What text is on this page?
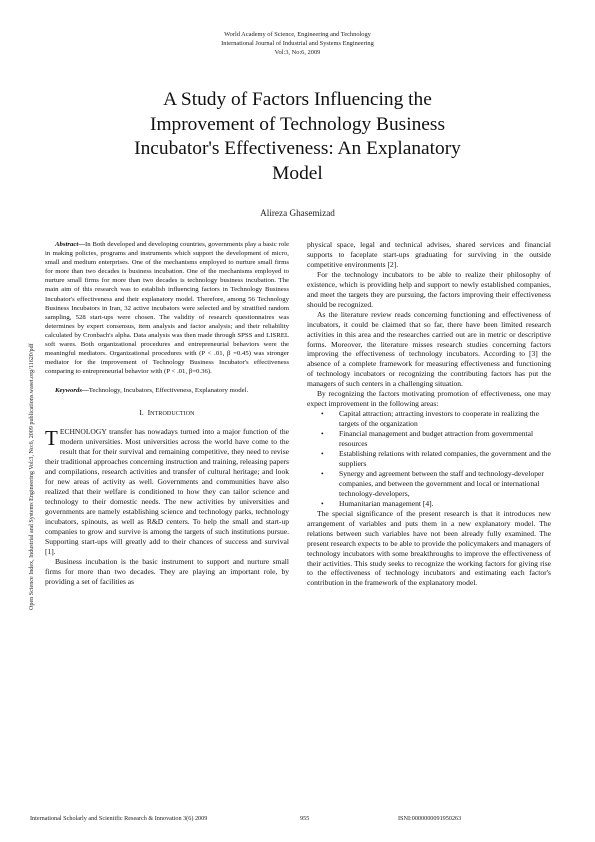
World Academy of Science, Engineering and Technology
International Journal of Industrial and Systems Engineering
Vol:3, No:6, 2009
A Study of Factors Influencing the
Improvement of Technology Business
Incubator's Effectiveness: An Explanatory
Model
Alireza Ghasemizad
Open Science Index, Industrial and Systems Engineering Vol:3, No:6, 2009 publications.waset.org/11620/pdf

Abstract—In Both developed and developing countries, governments play a basic role in making policies, programs and instruments which support the development of micro, small and medium enterprises. One of the mechanisms employed to nurture small firms for more than two decades is business incubation. One of the mechanisms employed to nurture small firms for more than two decades is technology business incubation. The main aim of this research was to establish influencing factors in Technology Business Incubator's effectiveness and their explanatory model. Therefore, among 56 Technology Business Incubators in Iran, 32 active incubators were selected and by stratified random sampling, 528 start-ups were chosen. The validity of research questionnaires was determines by expert consensus, item analysis and factor analysis; and their reliability calculated by Cronbach's alpha. Data analysis was then made through SPSS and LISREL soft wares. Both organizational procedures and entrepreneurial behaviors were the meaningful mediators. Organizational procedures with (P < .01, β =0.45) was stronger mediator for the improvement of Technology Business Incubator's effectiveness comparing to entrepreneurial behavior with (P < .01, β=0.36).

Keywords—Technology, Incubators, Effectiveness, Explanatory model.

I. INTRODUCTION

TECHNOLOGY transfer has nowadays turned into a major function of the modern universities. Most universities across the world have come to the result that for their survival and remaining competitive, they need to revise their traditional approaches concerning instruction and training, releasing papers and compilations, research activities and transfer of cultural heritage; and look for new areas of activity as well. Governments and communities have also realized that their welfare is conditioned to how they can tailor science and technology to their domestic needs. The new activities by universities and governments are namely establishing science and technology parks, technology incubators, spinouts, as well as R&D centers. To help the small and start-up companies to grow and survive is among the targets of such institutions pursue. Supporting start-ups will greatly add to their chances of success and survival [1].

Business incubation is the basic instrument to support and nurture small firms for more than two decades. They are playing an important role, by providing a set of facilities as

physical space, legal and technical advises, shared services and financial supports to faceplate start-ups graduating for surviving in the outside competitive environments [2].

For the technology incubators to be able to realize their philosophy of existence, which is providing help and support to newly established companies, and meet the targets they are pursuing, the factors improving their effectiveness should be recognized.

As the literature review reads concerning functioning and effectiveness of incubators, it could be claimed that so far, there have been limited research activities in this area and the researches carried out are in metric or descriptive forms. Moreover, the literature misses research studies concerning factors improving the effectiveness of technology incubators. According to [3] the absence of a complete framework for measuring effectiveness and functioning of technology incubators or recognizing the contributing factors has put the managers of such centers in a challenging situation.

By recognizing the factors motivating promotion of effectiveness, one may expect improvement in the following areas:

• Capital attraction; attracting investors to cooperate in realizing the targets of the organization
• Financial management and budget attraction from governmental resources
• Establishing relations with related companies, the government and the suppliers
• Synergy and agreement between the staff and technology-developer companies, and between the government and local or international technology-developers,
• Humanitarian management [4].

The special significance of the present research is that it introduces new arrangement of variables and puts them in a new explanatory model. The relations between such variables have not been already fully examined. The present research expects to be able to provide the policymakers and managers of technology incubators with some breakthroughs to improve the effectiveness of their activities. This study seeks to recognize the working factors for giving rise to the effectiveness of technology incubators and estimating each factor's contribution in the framework of the explanatory model.

International Scholarly and Scientific Research & Innovation 3(6) 2009	955	ISNI:0000000091950263
